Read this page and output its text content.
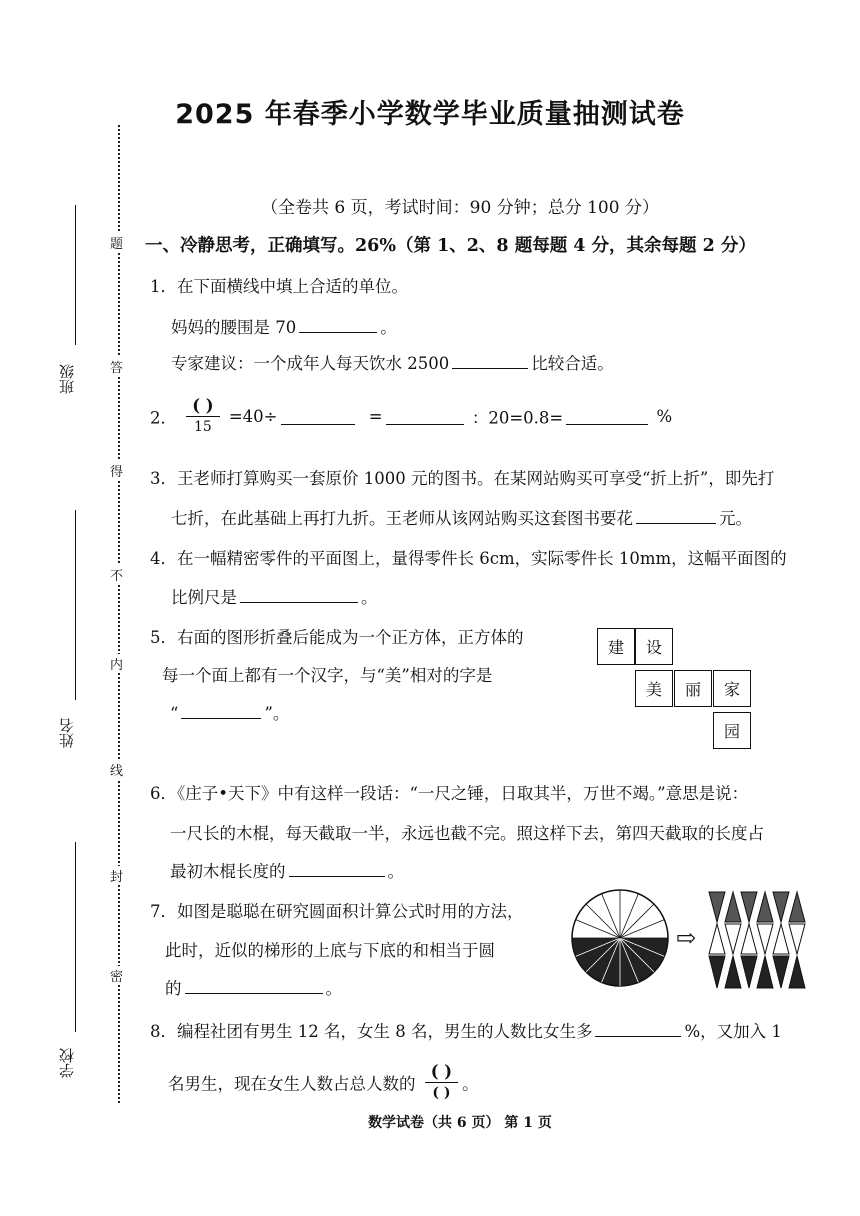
题
答
得
不
内
线
封
密
班级
姓名
学校
2025 年春季小学数学毕业质量抽测试卷
（全卷共 6 页，考试时间：90 分钟；总分 100 分）
一、冷静思考，正确填写。26%（第 1、2、8 题每题 4 分，其余每题 2 分）
1．在下面横线中填上合适的单位。
妈妈的腰围是 70	。
专家建议：一个成年人每天饮水 2500	比较合适。
2． $\frac{( )}{15} =40\div$	=	：20=0.8=	%
3．王老师打算购买一套原价 1000 元的图书。在某网站购买可享受“折上折”，即先打
七折，在此基础上再打九折。王老师从该网站购买这套图书要花	元。
4．在一幅精密零件的平面图上，量得零件长 6cm，实际零件长 10mm，这幅平面图的
比例尺是	。
5．右面的图形折叠后能成为一个正方体，正方体的
每一个面上都有一个汉字，与“美”相对的字是
“	”。
建	设
美	丽	家
园
6．《庄子•天下》中有这样一段话：“一尺之锤，日取其半，万世不竭。”意思是说：
一尺长的木棍，每天截取一半，永远也截不完。照这样下去，第四天截取的长度占
最初木棍长度的	。
7．如图是聪聪在研究圆面积计算公式时用的方法，
此时，近似的梯形的上底与下底的和相当于圆
的	。
⇨
8．编程社团有男生 12 名，女生 8 名，男生的人数比女生多	%，又加入 1
名男生，现在女生人数占总人数的 $\frac{( )}{( )}$ 。
数学试卷（共 6 页） 第 1 页
